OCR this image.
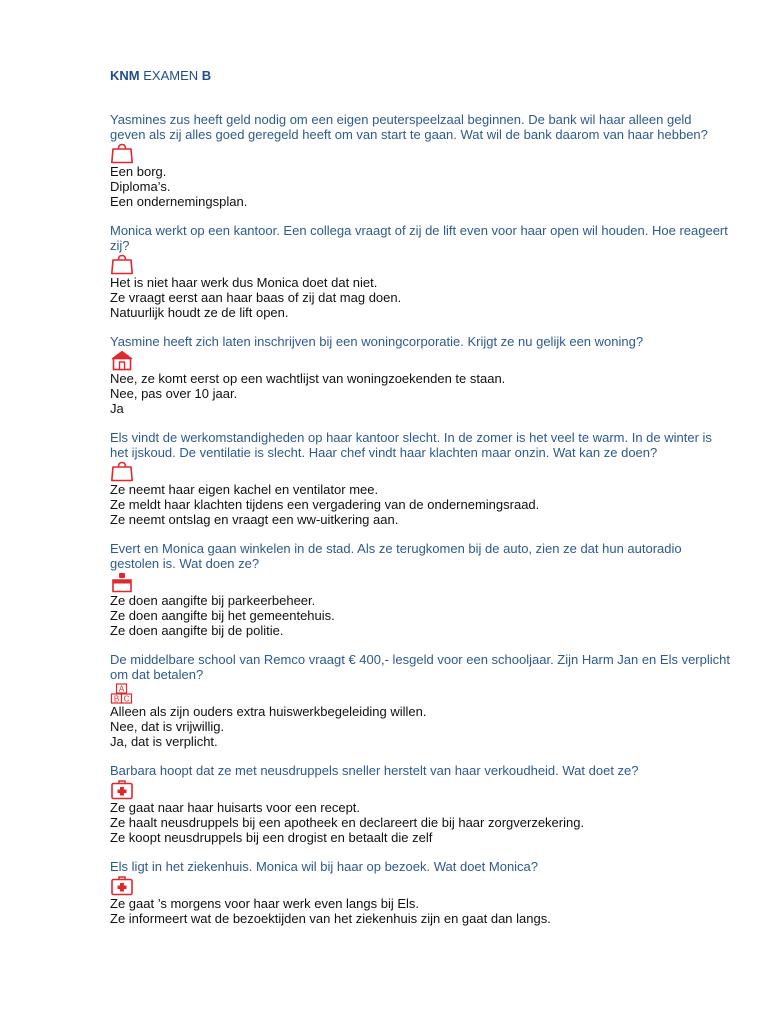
KNM EXAMEN B

Yasmines zus heeft geld nodig om een eigen peuterspeelzaal beginnen. De bank wil haar alleen geld geven als zij alles goed geregeld heeft om van start te gaan. Wat wil de bank daarom van haar hebben?

Een borg.
Diploma’s.
Een ondernemingsplan.

Monica werkt op een kantoor. Een collega vraagt of zij de lift even voor haar open wil houden. Hoe reageert zij?

Het is niet haar werk dus Monica doet dat niet.
Ze vraagt eerst aan haar baas of zij dat mag doen.
Natuurlijk houdt ze de lift open.

Yasmine heeft zich laten inschrijven bij een woningcorporatie. Krijgt ze nu gelijk een woning?

Nee, ze komt eerst op een wachtlijst van woningzoekenden te staan.
Nee, pas over 10 jaar.
Ja

Els vindt de werkomstandigheden op haar kantoor slecht. In de zomer is het veel te warm. In de winter is het ijskoud. De ventilatie is slecht. Haar chef vindt haar klachten maar onzin. Wat kan ze doen?

Ze neemt haar eigen kachel en ventilator mee.
Ze meldt haar klachten tijdens een vergadering van de ondernemingsraad.
Ze neemt ontslag en vraagt een ww-uitkering aan.

Evert en Monica gaan winkelen in de stad. Als ze terugkomen bij de auto, zien ze dat hun autoradio gestolen is. Wat doen ze?

Ze doen aangifte bij parkeerbeheer.
Ze doen aangifte bij het gemeentehuis.
Ze doen aangifte bij de politie.

De middelbare school van Remco vraagt € 400,- lesgeld voor een schooljaar. Zijn Harm Jan en Els verplicht om dat betalen?

A
B C
Alleen als zijn ouders extra huiswerkbegeleiding willen.
Nee, dat is vrijwillig.
Ja, dat is verplicht.

Barbara hoopt dat ze met neusdruppels sneller herstelt van haar verkoudheid. Wat doet ze?

Ze gaat naar haar huisarts voor een recept.
Ze haalt neusdruppels bij een apotheek en declareert die bij haar zorgverzekering.
Ze koopt neusdruppels bij een drogist en betaalt die zelf

Els ligt in het ziekenhuis. Monica wil bij haar op bezoek. Wat doet Monica?

Ze gaat ’s morgens voor haar werk even langs bij Els.
Ze informeert wat de bezoektijden van het ziekenhuis zijn en gaat dan langs.
